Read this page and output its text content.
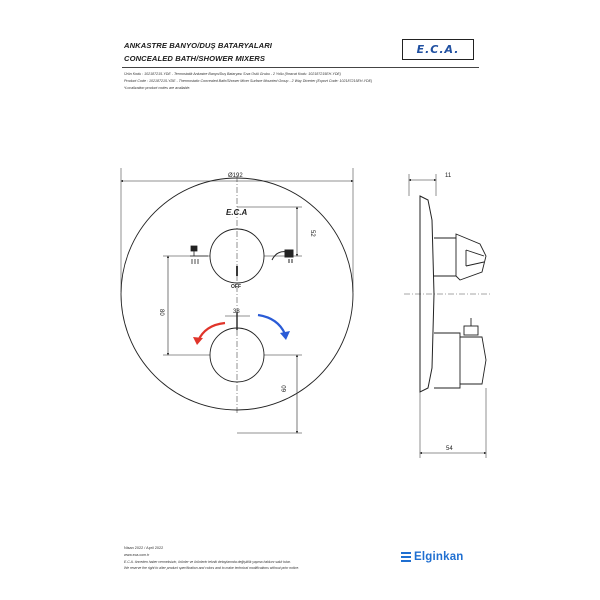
ANKASTRE BANYO/DUŞ BATARYALARI
CONCEALED BATH/SHOWER MIXERS
E.C.A.
Ürün Kodu : 102187215-YDE - Termostatik Ankastre Banyo/Duş Bataryası Sıva Üstü Grubu - 2 Yollu (İhracat Kodu: 102187215EH-YDE)
Product Code : 102187215-YDE - Thermostatic Concealed Bath/Shower Mixer Surface Mounted Group - 2 Way Diverter (Export Code: 102187215EH-YDE)
*Localization product codes are available.
E.C.A
Ø192
52
80	38
60
OFF
11
54
Nisan 2022 / April 2022
www.eca.com.tr
E.C.A. önceden haber vermeksizin, ürünler ve ürünlerin teknik detaylarında değişiklik yapma hakkını saklı tutar.
We reserve the right to alter product specification and colors and to make technical modifications without prior notice.
Elginkan
